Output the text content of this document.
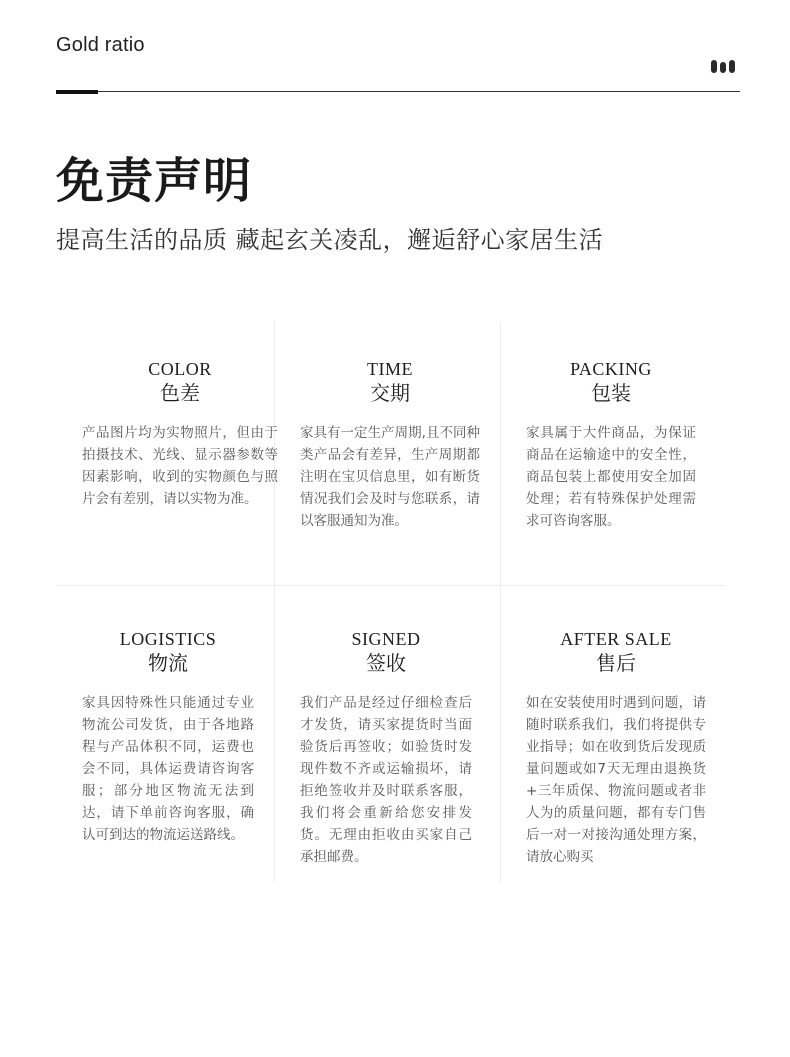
Gold ratio
免责声明
提高生活的品质 藏起玄关凌乱，邂逅舒心家居生活

COLOR

色差

产品图片均为实物照片，但由于拍摄技术、光线、显示器参数等因素影响，收到的实物颜色与照片会有差别，请以实物为准。

TIME

交期

家具有一定生产周期,且不同种类产品会有差异，生产周期都注明在宝贝信息里，如有断货情况我们会及时与您联系，请以客服通知为准。

PACKING

包装

家具属于大件商品，为保证商品在运输途中的安全性，商品包装上都使用安全加固处理；若有特殊保护处理需求可咨询客服。

LOGISTICS

物流

家具因特殊性只能通过专业物流公司发货，由于各地路程与产品体积不同，运费也会不同，具体运费请咨询客服；部分地区物流无法到达，请下单前咨询客服，确认可到达的物流运送路线。

SIGNED

签收

我们产品是经过仔细检查后才发货，请买家提货时当面验货后再签收；如验货时发现件数不齐或运输损坏，请拒绝签收并及时联系客服，我们将会重新给您安排发货。无理由拒收由买家自己承担邮费。

AFTER SALE

售后

如在安装使用时遇到问题，请随时联系我们，我们将提供专业指导；如在收到货后发现质量问题或如7天无理由退换货+三年质保、物流问题或者非人为的质量问题，都有专门售后一对一对接沟通处理方案，请放心购买
